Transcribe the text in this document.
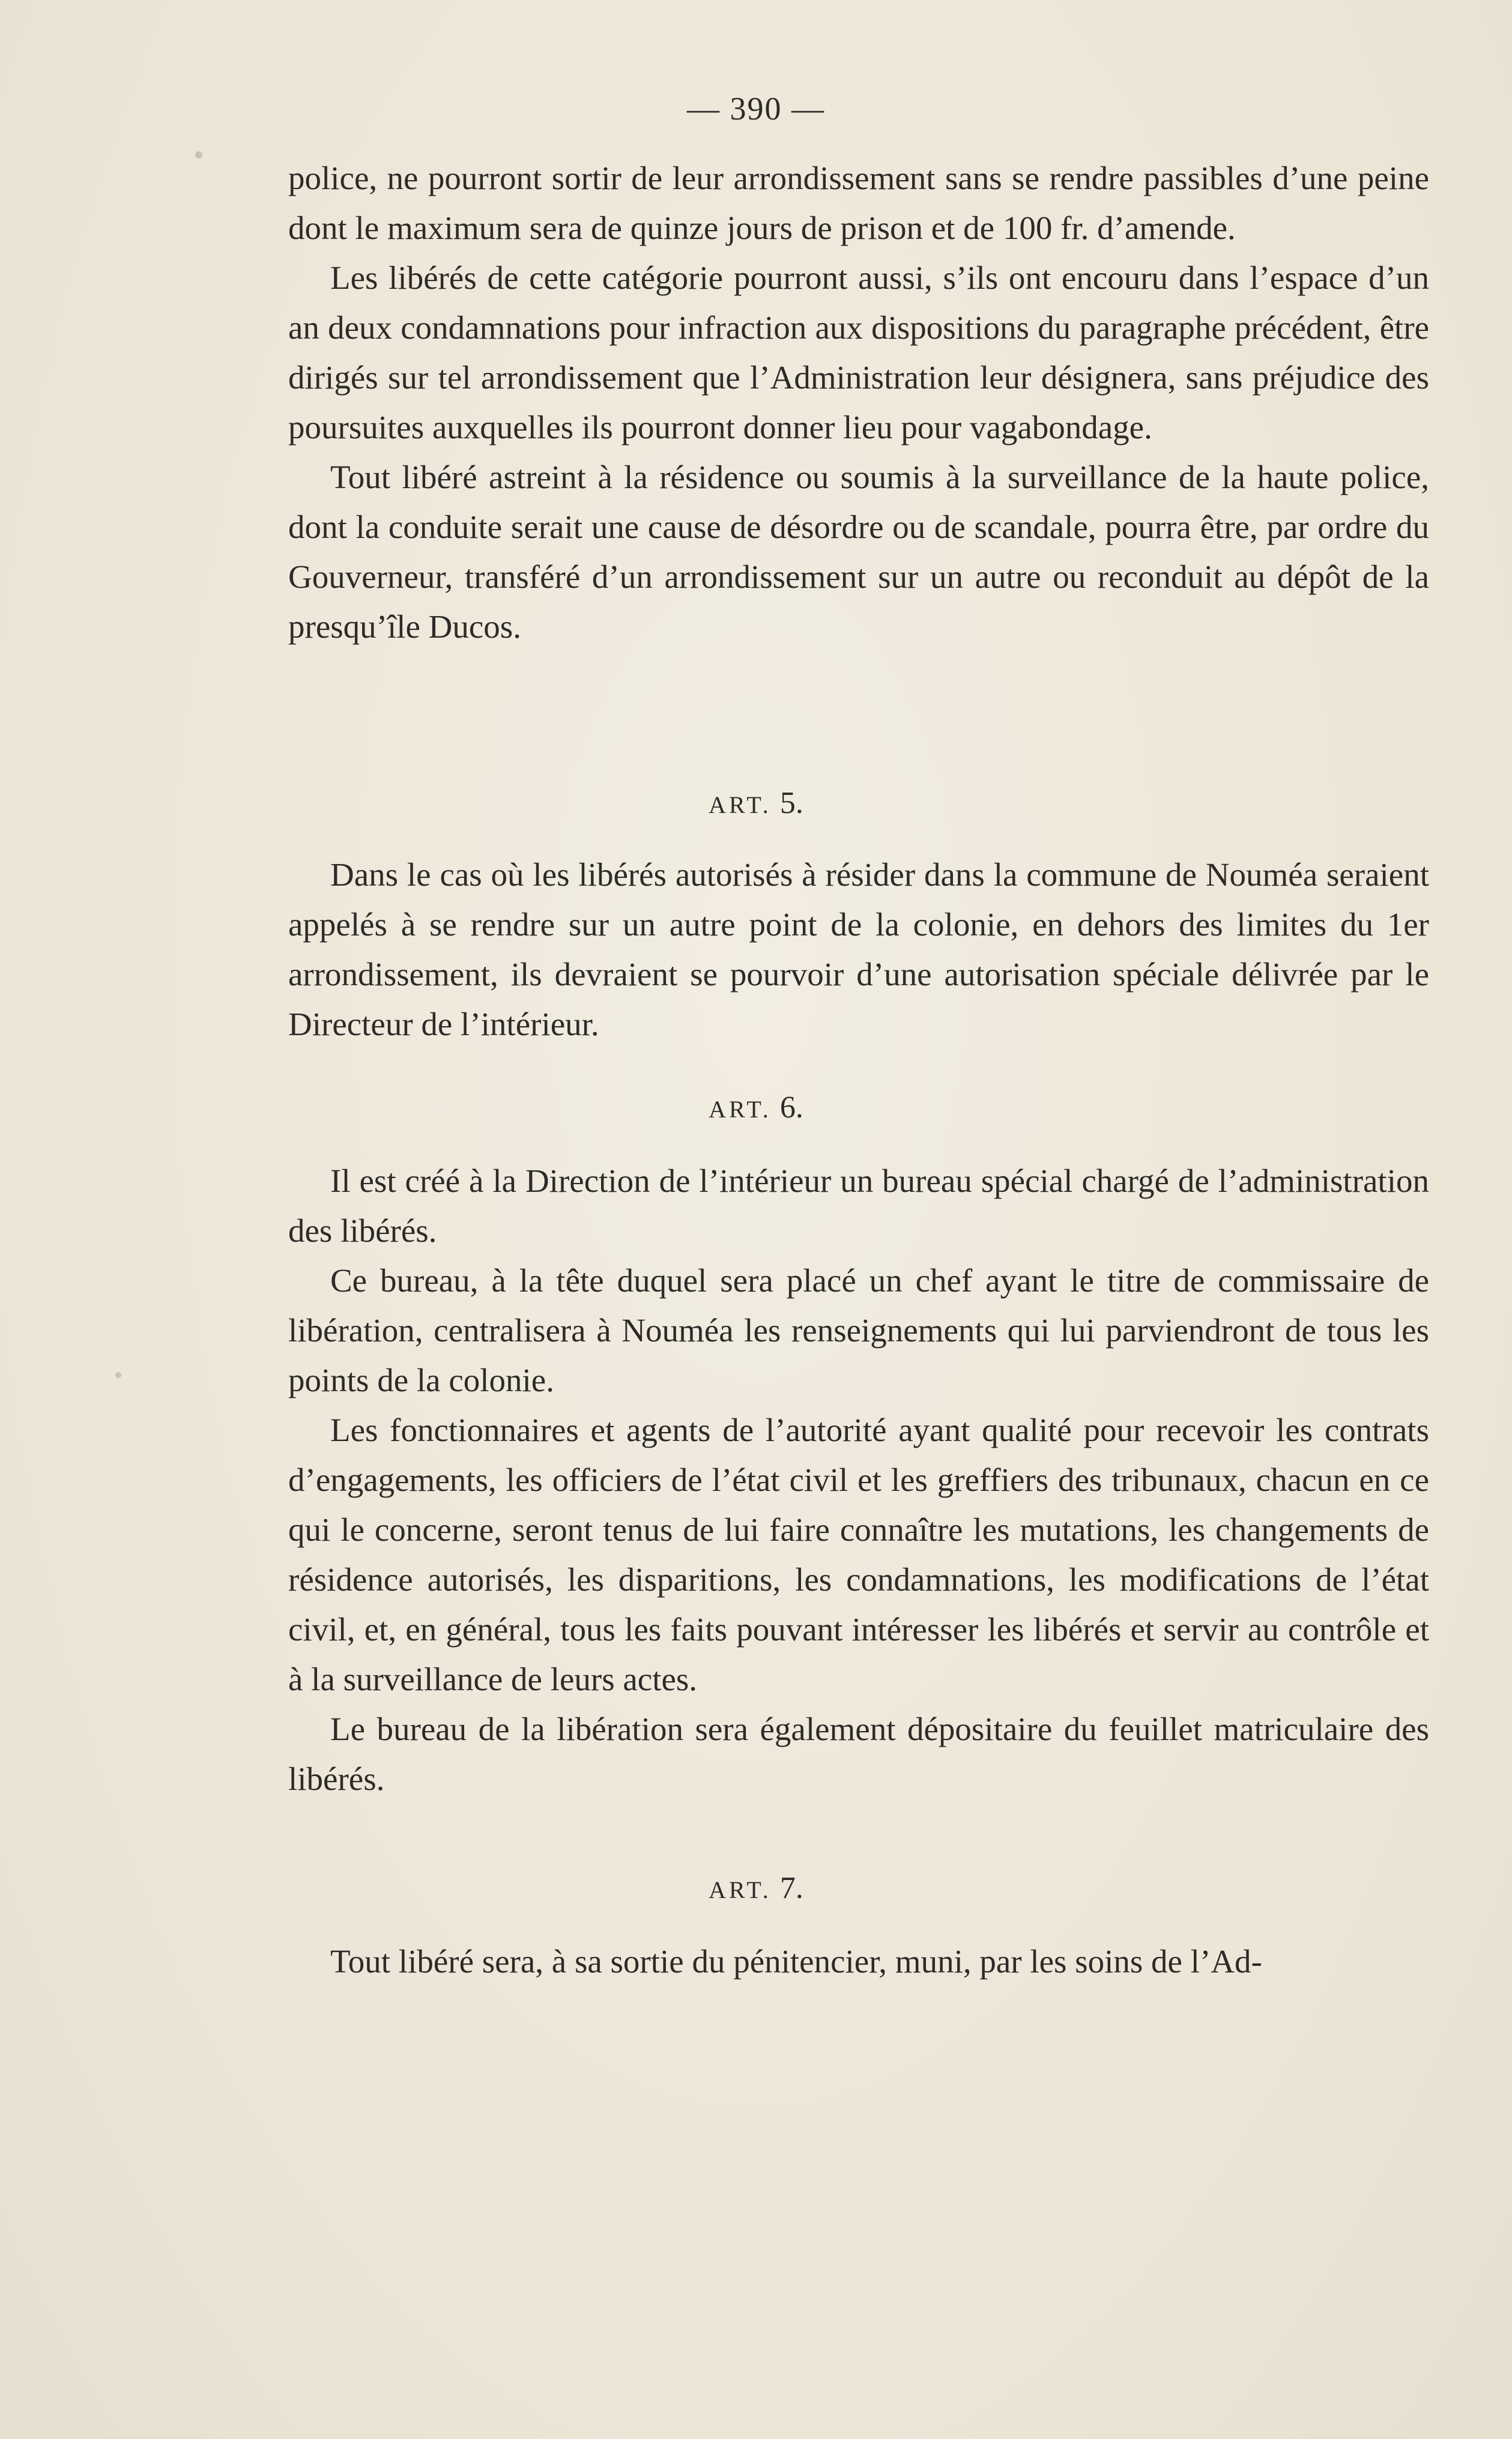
— 390 —

police, ne pourront sortir de leur arrondissement sans se rendre passibles d’une peine dont le maximum sera de quinze jours de prison et de 100 fr. d’amende.

Les libérés de cette catégorie pourront aussi, s’ils ont encouru dans l’espace d’un an deux condamnations pour infraction aux dispositions du paragraphe précédent, être dirigés sur tel arrondissement que l’Administration leur désignera, sans préjudice des poursuites auxquelles ils pourront donner lieu pour vagabondage.

Tout libéré astreint à la résidence ou soumis à la surveillance de la haute police, dont la conduite serait une cause de désordre ou de scandale, pourra être, par ordre du Gouverneur, transféré d’un arrondissement sur un autre ou reconduit au dépôt de la presqu’île Ducos.

ART. 5.

Dans le cas où les libérés autorisés à résider dans la commune de Nouméa seraient appelés à se rendre sur un autre point de la colonie, en dehors des limites du 1er arrondissement, ils devraient se pourvoir d’une autorisation spéciale délivrée par le Directeur de l’intérieur.

ART. 6.

Il est créé à la Direction de l’intérieur un bureau spécial chargé de l’administration des libérés.

Ce bureau, à la tête duquel sera placé un chef ayant le titre de commissaire de libération, centralisera à Nouméa les renseignements qui lui parviendront de tous les points de la colonie.

Les fonctionnaires et agents de l’autorité ayant qualité pour recevoir les contrats d’engagements, les officiers de l’état civil et les greffiers des tribunaux, chacun en ce qui le concerne, seront tenus de lui faire connaître les mutations, les changements de résidence autorisés, les disparitions, les condamnations, les modifications de l’état civil, et, en général, tous les faits pouvant intéresser les libérés et servir au contrôle et à la surveillance de leurs actes.

Le bureau de la libération sera également dépositaire du feuillet matriculaire des libérés.

ART. 7.

Tout libéré sera, à sa sortie du pénitencier, muni, par les soins de l’Ad-
